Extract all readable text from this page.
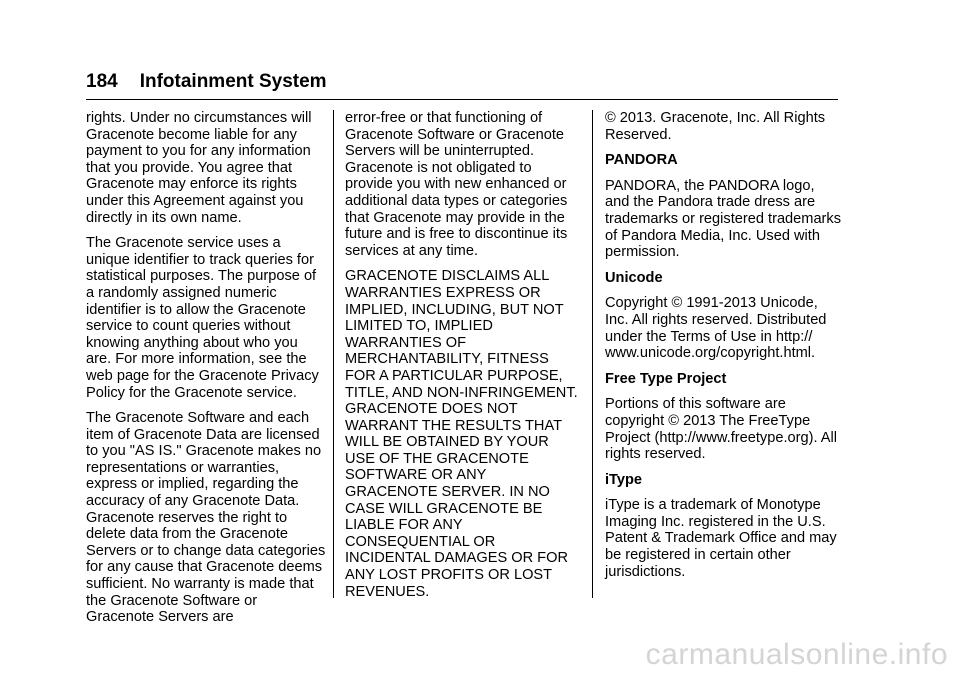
184 Infotainment System

rights. Under no circumstances will Gracenote become liable for any payment to you for any information that you provide. You agree that Gracenote may enforce its rights under this Agreement against you directly in its own name.

The Gracenote service uses a unique identifier to track queries for statistical purposes. The purpose of a randomly assigned numeric identifier is to allow the Gracenote service to count queries without knowing anything about who you are. For more information, see the web page for the Gracenote Privacy Policy for the Gracenote service.

The Gracenote Software and each item of Gracenote Data are licensed to you "AS IS." Gracenote makes no representations or warranties, express or implied, regarding the accuracy of any Gracenote Data. Gracenote reserves the right to delete data from the Gracenote Servers or to change data categories for any cause that Gracenote deems sufficient. No warranty is made that the Gracenote Software or Gracenote Servers are

error-free or that functioning of Gracenote Software or Gracenote Servers will be uninterrupted. Gracenote is not obligated to provide you with new enhanced or additional data types or categories that Gracenote may provide in the future and is free to discontinue its services at any time.

GRACENOTE DISCLAIMS ALL WARRANTIES EXPRESS OR IMPLIED, INCLUDING, BUT NOT LIMITED TO, IMPLIED WARRANTIES OF MERCHANTABILITY, FITNESS FOR A PARTICULAR PURPOSE, TITLE, AND NON-INFRINGEMENT. GRACENOTE DOES NOT WARRANT THE RESULTS THAT WILL BE OBTAINED BY YOUR USE OF THE GRACENOTE SOFTWARE OR ANY GRACENOTE SERVER. IN NO CASE WILL GRACENOTE BE LIABLE FOR ANY CONSEQUENTIAL OR INCIDENTAL DAMAGES OR FOR ANY LOST PROFITS OR LOST REVENUES.

© 2013. Gracenote, Inc. All Rights Reserved.

PANDORA

PANDORA, the PANDORA logo, and the Pandora trade dress are trademarks or registered trademarks of Pandora Media, Inc. Used with permission.

Unicode

Copyright © 1991-2013 Unicode, Inc. All rights reserved. Distributed under the Terms of Use in http:// www.unicode.org/copyright.html.

Free Type Project

Portions of this software are copyright © 2013 The FreeType Project (http://www.freetype.org). All rights reserved.

iType

iType is a trademark of Monotype Imaging Inc. registered in the U.S. Patent & Trademark Office and may be registered in certain other jurisdictions.

carmanualsonline.info
